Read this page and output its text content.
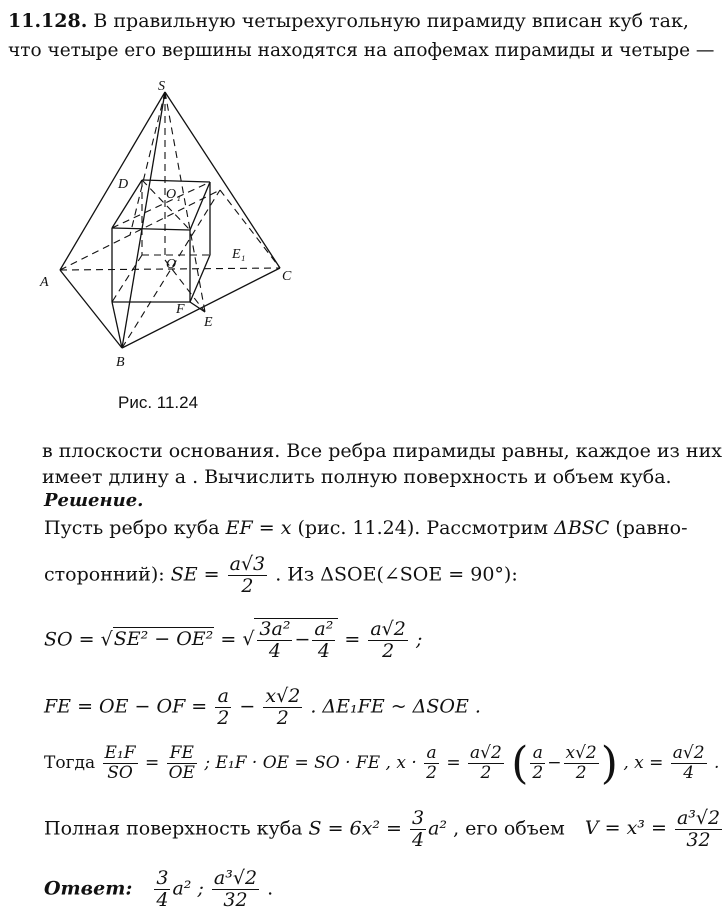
11.128. В правильную четырехугольную пирамиду вписан куб так,
что четыре его вершины находятся на апофемах пирамиды и четыре —
S
D
O₁
O
E₁
A
B
C
F
E
Рис. 11.24
в плоскости основания. Все ребра пирамиды равны, каждое из них
имеет длину a . Вычислить полную поверхность и объем куба.
Решение.
Пусть ребро куба EF = x (рис. 11.24). Рассмотрим ΔBSC (равно-
сторонний): SE = $\frac{a√3}{2}$ . Из ΔSOE(∠SOE = 90°):
SO = √SE² − OE² = √ $\frac{\text{3a²}}{4} - \frac{\text{a²}}{4} = \frac{a√2}{2}$ ;
FE = OE − OF = $\frac{a}{2} - \frac{x√2}{2}$ . ΔE₁FE ~ ΔSOE .
Тогда $\frac{\text{E₁F}}{SO} = \frac{FE}{OE}$ ; E₁F · OE = SO · FE , $x \cdot \frac{a}{2} = \frac{a√2}{2}$ ( $\frac{a}{2} - \frac{x√2}{2}$ ) , $x = \frac{a√2}{4}$ .
Полная поверхность куба $S = 6x^2 = \frac{3}{4} a^2$ , его объем $V = x^3 = \frac{\text{a³√2}}{32}$
Ответ: $\frac{3}{4} a^2$ ; $\frac{\text{a³√2}}{32}$ .
